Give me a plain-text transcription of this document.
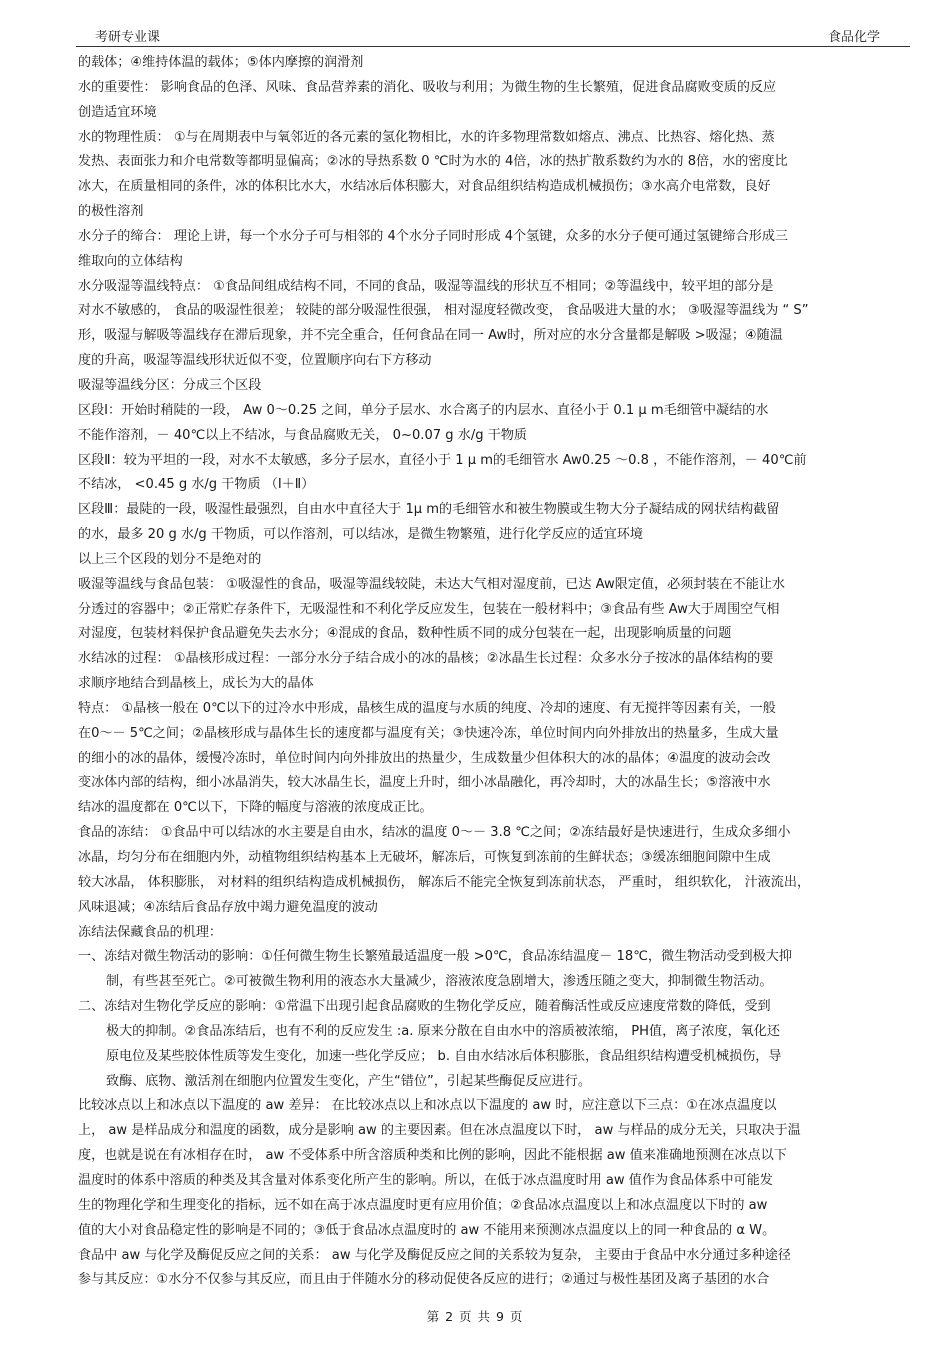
考研专业课	食品化学
的载体；④维持体温的载体；⑤体内摩擦的润滑剂
水的重要性： 影响食品的色泽、风味、食品营养素的消化、吸收与利用；为微生物的生长繁殖，促进食品腐败变质的反应
创造适宜环境
水的物理性质： ①与在周期表中与氧邻近的各元素的氢化物相比，水的许多物理常数如熔点、沸点、比热容、熔化热、蒸
发热、表面张力和介电常数等都明显偏高；②冰的导热系数 0 ℃时为水的 4倍，冰的热扩散系数约为水的 8倍，水的密度比
冰大，在质量相同的条件，冰的体积比水大，水结冰后体积膨大，对食品组织结构造成机械损伤；③水高介电常数，良好
的极性溶剂
水分子的缔合： 理论上讲，每一个水分子可与相邻的 4个水分子同时形成 4个氢键，众多的水分子便可通过氢键缔合形成三
维取向的立体结构
水分吸湿等温线特点： ①食品间组成结构不同，不同的食品，吸湿等温线的形状互不相同；②等温线中，较平坦的部分是
对水不敏感的， 食品的吸湿性很差； 较陡的部分吸湿性很强， 相对湿度轻微改变， 食品吸进大量的水； ③吸湿等温线为 “ S”
形，吸湿与解吸等温线存在滞后现象，并不完全重合，任何食品在同一 Aw时，所对应的水分含量都是解吸 >吸湿；④随温
度的升高，吸湿等温线形状近似不变，位置顺序向右下方移动
吸湿等温线分区：分成三个区段
区段Ⅰ：开始时稍陡的一段， Aw 0～0.25 之间，单分子层水、水合离子的内层水、直径小于 0.1 μ m毛细管中凝结的水
不能作溶剂，－ 40℃以上不结冰，与食品腐败无关， 0~0.07 g 水/g 干物质
区段Ⅱ：较为平坦的一段，对水不太敏感，多分子层水，直径小于 1 μ m的毛细管水 Aw0.25 ～0.8 ，不能作溶剂，－ 40℃前
不结冰， <0.45 g 水/g 干物质 （Ⅰ＋Ⅱ）
区段Ⅲ：最陡的一段，吸湿性最强烈，自由水中直径大于 1μ m的毛细管水和被生物膜或生物大分子凝结成的网状结构截留
的水，最多 20 g 水/g 干物质，可以作溶剂，可以结冰，是微生物繁殖，进行化学反应的适宜环境
以上三个区段的划分不是绝对的
吸湿等温线与食品包装： ①吸湿性的食品，吸湿等温线较陡，未达大气相对湿度前，已达 Aw限定值，必须封装在不能让水
分透过的容器中；②正常贮存条件下，无吸湿性和不利化学反应发生，包装在一般材料中；③食品有些 Aw大于周围空气相
对湿度，包装材料保护食品避免失去水分；④混成的食品，数种性质不同的成分包装在一起，出现影响质量的问题
水结冰的过程： ①晶核形成过程：一部分水分子结合成小的冰的晶核；②冰晶生长过程：众多水分子按冰的晶体结构的要
求顺序地结合到晶核上，成长为大的晶体
特点： ①晶核一般在 0℃以下的过冷水中形成，晶核生成的温度与水质的纯度、冷却的速度、有无搅拌等因素有关，一般
在0～－ 5℃之间；②晶核形成与晶体生长的速度都与温度有关；③快速冷冻，单位时间内向外排放出的热量多，生成大量
的细小的冰的晶体，缓慢冷冻时，单位时间内向外排放出的热量少，生成数量少但体积大的冰的晶体；④温度的波动会改
变冰体内部的结构，细小冰晶消失，较大冰晶生长，温度上升时，细小冰晶融化，再冷却时，大的冰晶生长；⑤溶液中水
结冰的温度都在 0℃以下，下降的幅度与溶液的浓度成正比。
食品的冻结： ①食品中可以结冰的水主要是自由水，结冰的温度 0～－ 3.8 ℃之间；②冻结最好是快速进行，生成众多细小
冰晶，均匀分布在细胞内外，动植物组织结构基本上无破坏，解冻后，可恢复到冻前的生鲜状态；③缓冻细胞间隙中生成
较大冰晶， 体积膨胀， 对材料的组织结构造成机械损伤， 解冻后不能完全恢复到冻前状态， 严重时， 组织软化， 汁液流出，
风味退减；④冻结后食品存放中竭力避免温度的波动
冻结法保藏食品的机理：
一、冻结对微生物活动的影响：①任何微生物生长繁殖最适温度一般 >0℃，食品冻结温度－ 18℃，微生物活动受到极大抑
制，有些甚至死亡。②可被微生物利用的液态水大量减少，溶液浓度急剧增大，渗透压随之变大，抑制微生物活动。
二、冻结对生物化学反应的影响：①常温下出现引起食品腐败的生物化学反应，随着酶活性或反应速度常数的降低，受到
极大的抑制。②食品冻结后，也有不利的反应发生 :a. 原来分散在自由水中的溶质被浓缩， PH值，离子浓度，氧化还
原电位及某些胶体性质等发生变化，加速一些化学反应； b. 自由水结冰后体积膨胀，食品组织结构遭受机械损伤，导
致酶、底物、激活剂在细胞内位置发生变化，产生“错位”，引起某些酶促反应进行。
比较冰点以上和冰点以下温度的 aw 差异： 在比较冰点以上和冰点以下温度的 aw 时，应注意以下三点：①在冰点温度以
上， aw 是样品成分和温度的函数，成分是影响 aw 的主要因素。但在冰点温度以下时， aw 与样品的成分无关，只取决于温
度，也就是说在有冰相存在时， aw 不受体系中所含溶质种类和比例的影响，因此不能根据 aw 值来准确地预测在冰点以下
温度时的体系中溶质的种类及其含量对体系变化所产生的影响。所以，在低于冰点温度时用 aw 值作为食品体系中可能发
生的物理化学和生理变化的指标，远不如在高于冰点温度时更有应用价值；②食品冰点温度以上和冰点温度以下时的 aw
值的大小对食品稳定性的影响是不同的；③低于食品冰点温度时的 aw 不能用来预测冰点温度以上的同一种食品的 α W。
食品中 aw 与化学及酶促反应之间的关系： aw 与化学及酶促反应之间的关系较为复杂， 主要由于食品中水分通过多种途径
参与其反应：①水分不仅参与其反应，而且由于伴随水分的移动促使各反应的进行；②通过与极性基团及离子基团的水合
第 2 页 共 9 页
